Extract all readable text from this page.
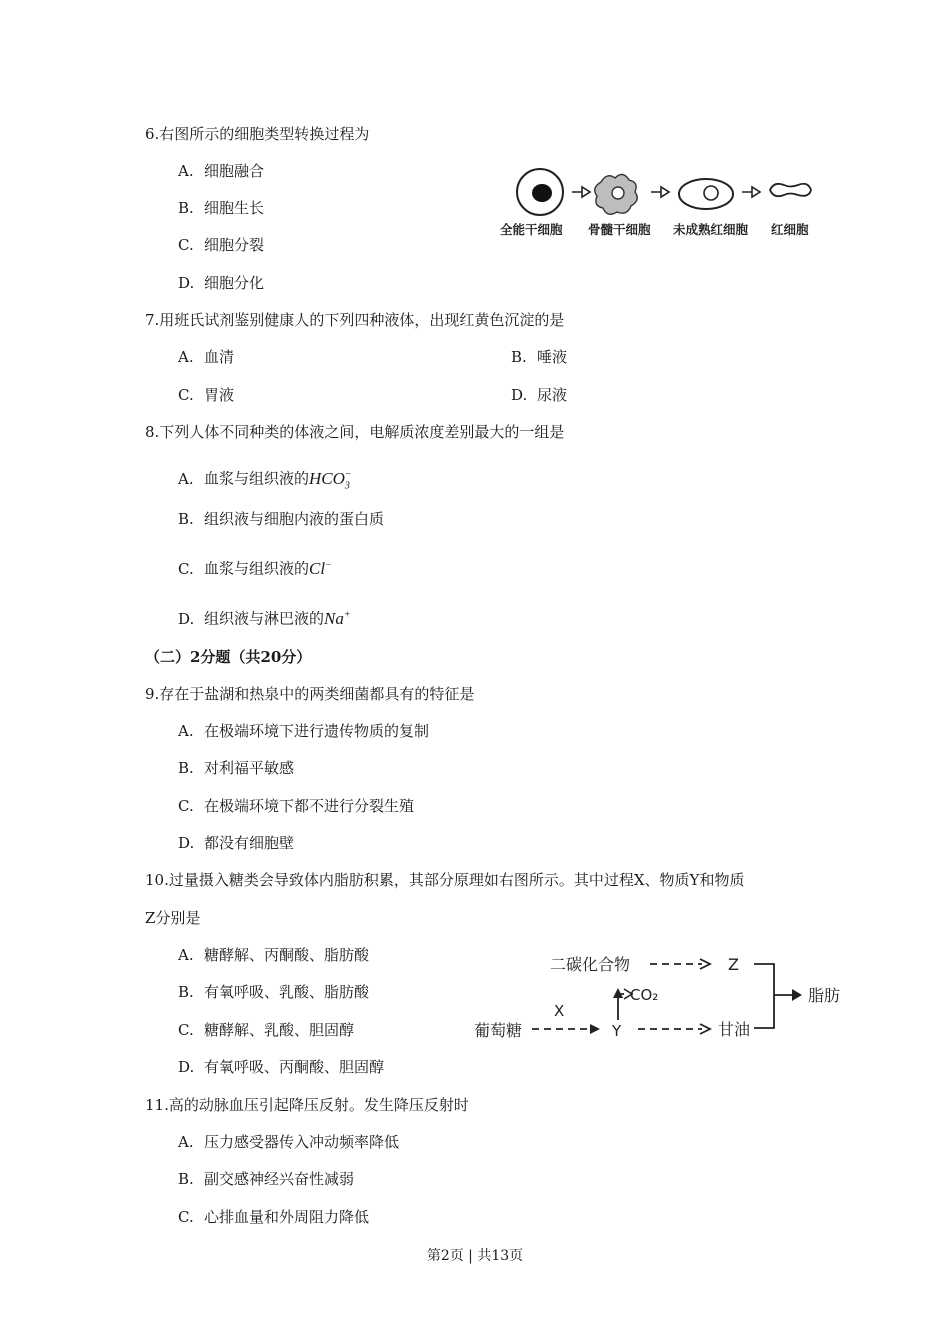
6.右图所示的细胞类型转换过程为
A. 细胞融合
B. 细胞生长
C. 细胞分裂
D. 细胞分化
全能干细胞 骨髓干细胞 未成熟红细胞 红细胞
7.用班氏试剂鉴别健康人的下列四种液体，出现红黄色沉淀的是
A. 血清	B. 唾液
C. 胃液	D. 尿液
8.下列人体不同种类的体液之间，电解质浓度差别最大的一组是
A. 血浆与组织液的$HCO_3^-$
B. 组织液与细胞内液的蛋白质
C. 血浆与组织液的Cl−
D. 组织液与淋巴液的Na+
（二）2分题（共20分）
9.存在于盐湖和热泉中的两类细菌都具有的特征是
A. 在极端环境下进行遗传物质的复制
B. 对利福平敏感
C. 在极端环境下都不进行分裂生殖
D. 都没有细胞壁
10.过量摄入糖类会导致体内脂肪积累，其部分原理如右图所示。其中过程X、物质Y和物质
Z分别是
A. 糖酵解、丙酮酸、脂肪酸
B. 有氧呼吸、乳酸、脂肪酸
C. 糖酵解、乳酸、胆固醇
D. 有氧呼吸、丙酮酸、胆固醇
二碳化合物	Z
脂肪
X
葡萄糖
CO₂
Y	甘油
11.高的动脉血压引起降压反射。发生降压反射时
A. 压力感受器传入冲动频率降低
B. 副交感神经兴奋性减弱
C. 心排血量和外周阻力降低
第2页 | 共13页
